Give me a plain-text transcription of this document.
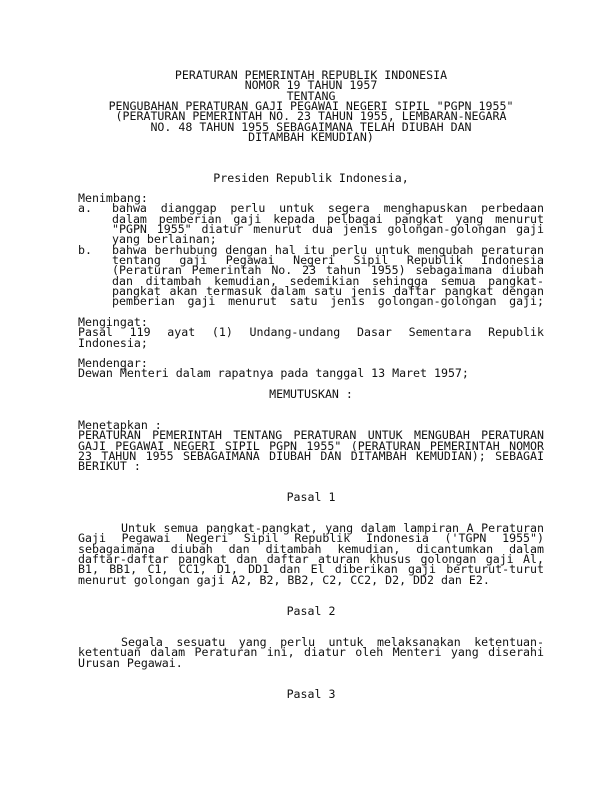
PERATURAN PEMERINTAH REPUBLIK INDONESIA
NOMOR 19 TAHUN 1957
TENTANG
PENGUBAHAN PERATURAN GAJI PEGAWAI NEGERI SIPIL "PGPN 1955"
(PERATURAN PEMERINTAH NO. 23 TAHUN 1955, LEMBARAN-NEGARA
NO. 48 TAHUN 1955 SEBAGAIMANA TELAH DIUBAH DAN
DITAMBAH KEMUDIAN)
Presiden Republik Indonesia,
Menimbang:
a.	bahwa dianggap perlu untuk segera menghapuskan perbedaan
dalam pemberian gaji kepada pelbagai pangkat yang menurut
"PGPN 1955" diatur menurut dua jenis golongan-golongan gaji
yang berlainan;
b.	bahwa berhubung dengan hal itu perlu untuk mengubah peraturan
tentang gaji Pegawai Negeri Sipil Republik Indonesia
(Peraturan Pemerintah No. 23 tahun 1955) sebagaimana diubah
dan ditambah kemudian, sedemikian sehingga semua pangkat-
pangkat akan termasuk dalam satu jenis daftar pangkat dengan
pemberian gaji menurut satu jenis golongan-golongan gaji;
Mengingat:
Pasal 119 ayat (1) Undang-undang Dasar Sementara Republik
Indonesia;
Mendengar:
Dewan Menteri dalam rapatnya pada tanggal 13 Maret 1957;
MEMUTUSKAN :
Menetapkan :
PERATURAN PEMERINTAH TENTANG PERATURAN UNTUK MENGUBAH PERATURAN
GAJI PEGAWAI NEGERI SIPIL PGPN 1955" (PERATURAN PEMERINTAH NOMOR
23 TAHUN 1955 SEBAGAIMANA DIUBAH DAN DITAMBAH KEMUDIAN); SEBAGAI
BERIKUT :
Pasal 1
Untuk semua pangkat-pangkat, yang dalam lampiran A Peraturan
Gaji Pegawai Negeri Sipil Republik Indonesia ('TGPN 1955")
sebagaimana diubah dan ditambah kemudian, dicantumkan dalam
daftar-daftar pangkat dan daftar aturan khusus golongan gaji Al,
B1, BB1, C1, CC1, D1, DD1 dan El diberikan gaji berturut-turut
menurut golongan gaji A2, B2, BB2, C2, CC2, D2, DD2 dan E2.
Pasal 2
Segala sesuatu yang perlu untuk melaksanakan ketentuan-
ketentuan dalam Peraturan ini, diatur oleh Menteri yang diserahi
Urusan Pegawai.
Pasal 3
